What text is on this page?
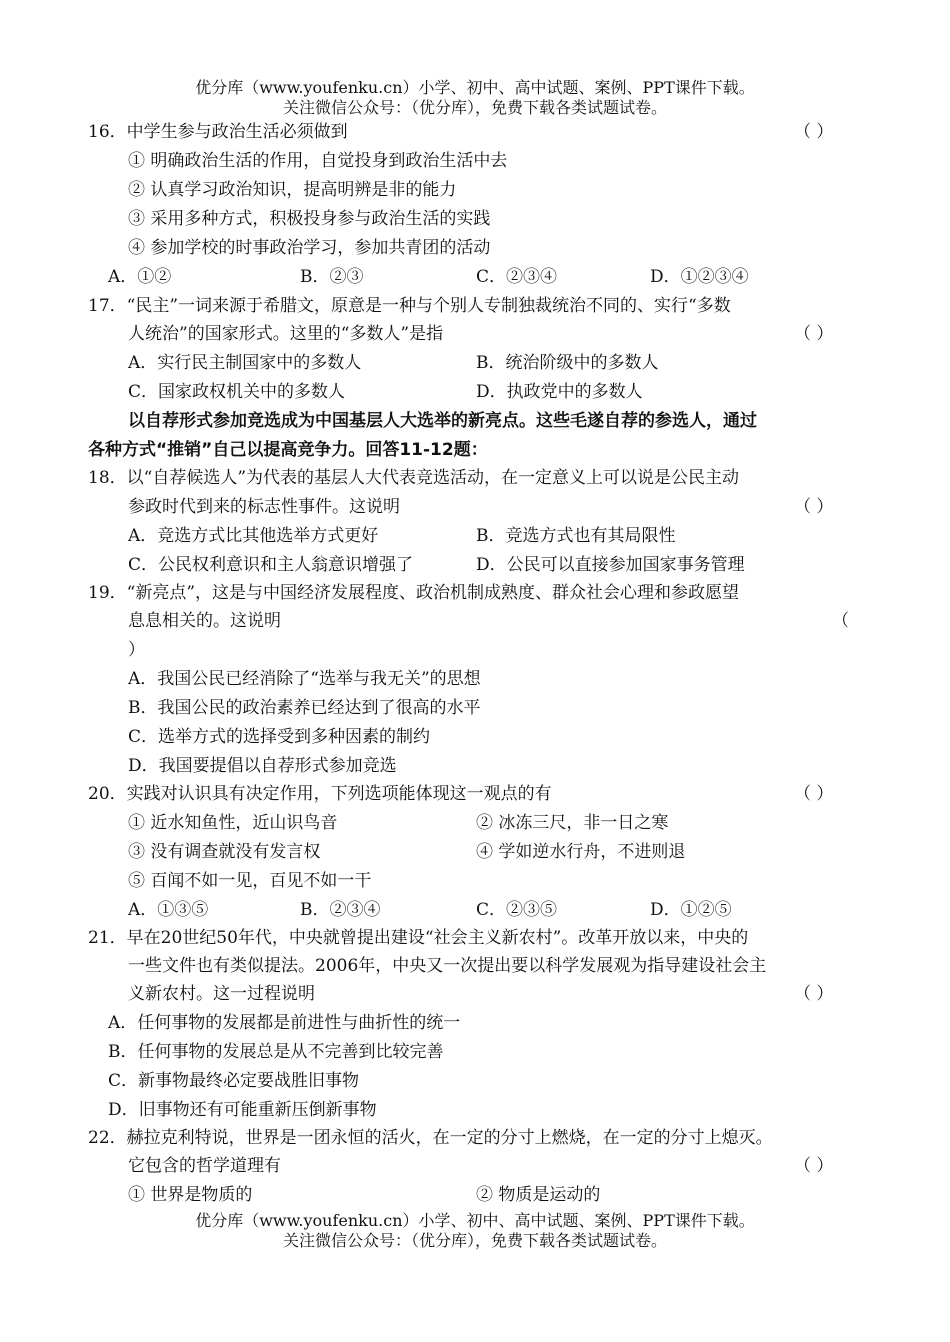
优分库（www.youfenku.cn）小学、初中、高中试题、案例、PPT课件下载。
关注微信公众号：（优分库），免费下载各类试题试卷。
16．中学生参与政治生活必须做到	（ ）
① 明确政治生活的作用，自觉投身到政治生活中去
② 认真学习政治知识，提高明辨是非的能力
③ 采用多种方式，积极投身参与政治生活的实践
④ 参加学校的时事政治学习，参加共青团的活动
A．①②	B．②③	C．②③④	D．①②③④
17．“民主”一词来源于希腊文，原意是一种与个别人专制独裁统治不同的、实行“多数
人统治”的国家形式。这里的“多数人”是指	（ ）
A．实行民主制国家中的多数人	B．统治阶级中的多数人
C．国家政权机关中的多数人	D．执政党中的多数人
以自荐形式参加竞选成为中国基层人大选举的新亮点。这些毛遂自荐的参选人，通过
各种方式“推销”自己以提高竞争力。回答11-12题：
18．以“自荐候选人”为代表的基层人大代表竞选活动，在一定意义上可以说是公民主动
参政时代到来的标志性事件。这说明	（ ）
A．竞选方式比其他选举方式更好	B．竞选方式也有其局限性
C．公民权利意识和主人翁意识增强了	D．公民可以直接参加国家事务管理
19．“新亮点”，这是与中国经济发展程度、政治机制成熟度、群众社会心理和参政愿望
息息相关的。这说明	（
）
A．我国公民已经消除了“选举与我无关”的思想
B．我国公民的政治素养已经达到了很高的水平
C．选举方式的选择受到多种因素的制约
D．我国要提倡以自荐形式参加竞选
20．实践对认识具有决定作用，下列选项能体现这一观点的有	（ ）
① 近水知鱼性，近山识鸟音	② 冰冻三尺，非一日之寒
③ 没有调查就没有发言权	④ 学如逆水行舟，不进则退
⑤ 百闻不如一见，百见不如一干
A．①③⑤	B．②③④	C．②③⑤	D．①②⑤
21．早在20世纪50年代，中央就曾提出建设“社会主义新农村”。改革开放以来，中央的
一些文件也有类似提法。2006年，中央又一次提出要以科学发展观为指导建设社会主
义新农村。这一过程说明	（ ）
A．任何事物的发展都是前进性与曲折性的统一
B．任何事物的发展总是从不完善到比较完善
C．新事物最终必定要战胜旧事物
D．旧事物还有可能重新压倒新事物
22．赫拉克利特说，世界是一团永恒的活火，在一定的分寸上燃烧，在一定的分寸上熄灭。
它包含的哲学道理有	（ ）
① 世界是物质的	② 物质是运动的
优分库（www.youfenku.cn）小学、初中、高中试题、案例、PPT课件下载。
关注微信公众号：（优分库），免费下载各类试题试卷。
